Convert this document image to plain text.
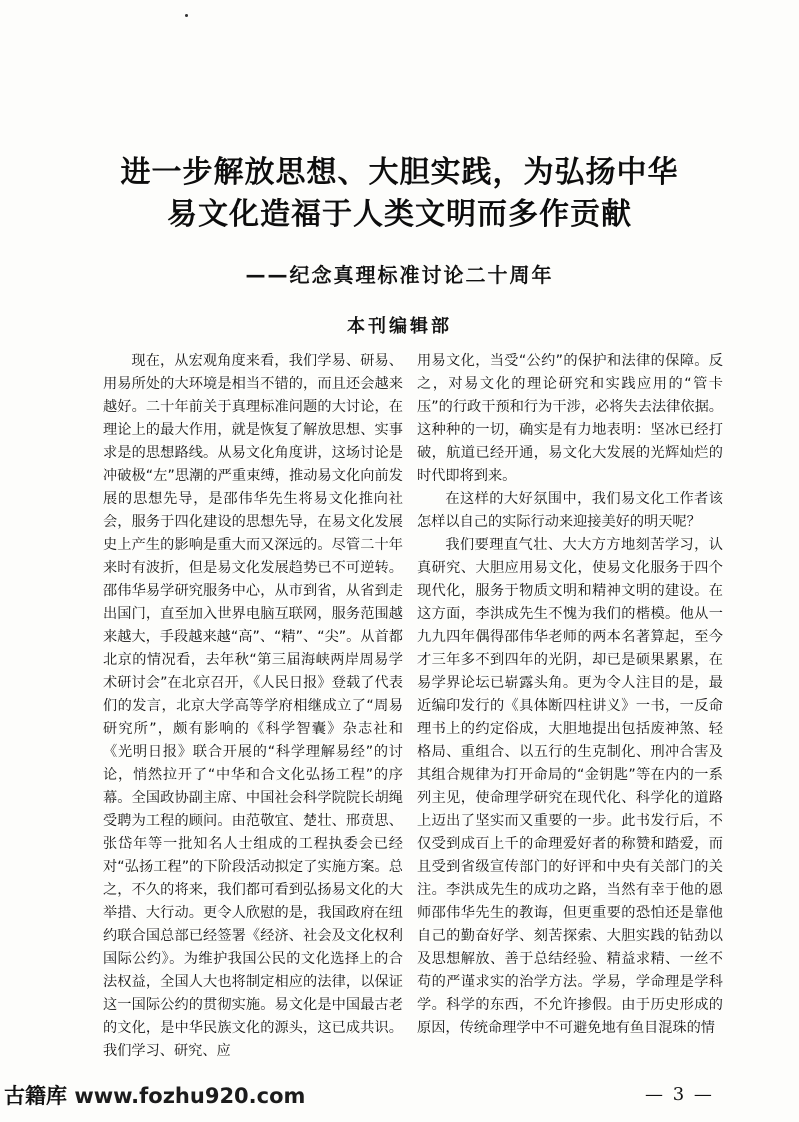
进一步解放思想、大胆实践，为弘扬中华
易文化造福于人类文明而多作贡献
——纪念真理标准讨论二十周年
本刊编辑部

现在，从宏观角度来看，我们学易、研易、用易所处的大环境是相当不错的，而且还会越来越好。二十年前关于真理标准问题的大讨论，在理论上的最大作用，就是恢复了解放思想、实事求是的思想路线。从易文化角度讲，这场讨论是冲破极“左”思潮的严重束缚，推动易文化向前发展的思想先导，是邵伟华先生将易文化推向社会，服务于四化建设的思想先导，在易文化发展史上产生的影响是重大而又深远的。尽管二十年来时有波折，但是易文化发展趋势已不可逆转。邵伟华易学研究服务中心，从市到省，从省到走出国门，直至加入世界电脑互联网，服务范围越来越大，手段越来越“高”、“精”、“尖”。从首都北京的情况看，去年秋“第三届海峡两岸周易学术研讨会”在北京召开，《人民日报》登载了代表们的发言，北京大学高等学府相继成立了“周易研究所”，颇有影响的《科学智囊》杂志社和《光明日报》联合开展的“科学理解易经”的讨论，悄然拉开了“中华和合文化弘扬工程”的序幕。全国政协副主席、中国社会科学院院长胡绳受聘为工程的顾问。由范敬宜、楚壮、邢贲思、张岱年等一批知名人士组成的工程执委会已经对“弘扬工程”的下阶段活动拟定了实施方案。总之，不久的将来，我们都可看到弘扬易文化的大举措、大行动。更令人欣慰的是，我国政府在纽约联合国总部已经签署《经济、社会及文化权利国际公约》。为维护我国公民的文化选择上的合法权益，全国人大也将制定相应的法律，以保证这一国际公约的贯彻实施。易文化是中国最古老的文化，是中华民族文化的源头，这已成共识。我们学习、研究、应

用易文化，当受“公约”的保护和法律的保障。反之，对易文化的理论研究和实践应用的“管卡压”的行政干预和行为干涉，必将失去法律依据。这种种的一切，确实是有力地表明：坚冰已经打破，航道已经开通，易文化大发展的光辉灿烂的时代即将到来。

在这样的大好氛围中，我们易文化工作者该怎样以自己的实际行动来迎接美好的明天呢？

我们要理直气壮、大大方方地刻苦学习，认真研究、大胆应用易文化，使易文化服务于四个现代化，服务于物质文明和精神文明的建设。在这方面，李洪成先生不愧为我们的楷模。他从一九九四年偶得邵伟华老师的两本名著算起，至今才三年多不到四年的光阴，却已是硕果累累，在易学界论坛已崭露头角。更为令人注目的是，最近编印发行的《具体断四柱讲义》一书，一反命理书上的约定俗成，大胆地提出包括废神煞、轻格局、重组合、以五行的生克制化、刑冲合害及其组合规律为打开命局的“金钥匙”等在内的一系列主见，使命理学研究在现代化、科学化的道路上迈出了坚实而又重要的一步。此书发行后，不仅受到成百上千的命理爱好者的称赞和踏爱，而且受到省级宣传部门的好评和中央有关部门的关注。李洪成先生的成功之路，当然有幸于他的恩师邵伟华先生的教诲，但更重要的恐怕还是靠他自己的勤奋好学、刻苦探索、大胆实践的钻劲以及思想解放、善于总结经验、精益求精、一丝不苟的严谨求实的治学方法。学易，学命理是学科学。科学的东西，不允许掺假。由于历史形成的原因，传统命理学中不可避免地有鱼目混珠的情

古籍库 www.fozhu920.com	— 3 —
